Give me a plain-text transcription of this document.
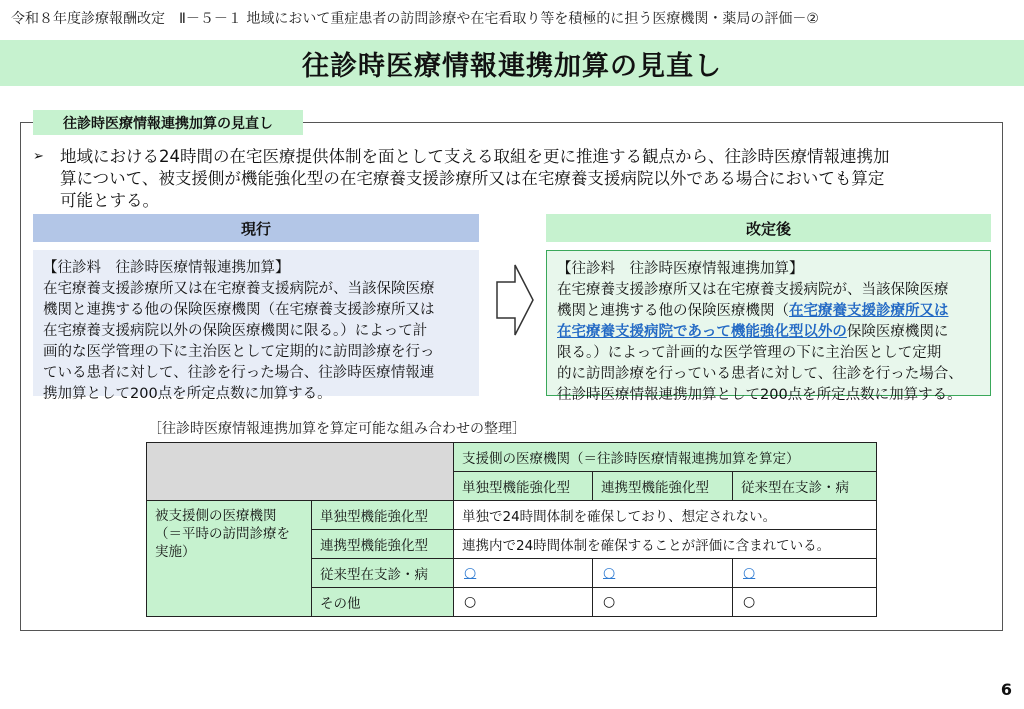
令和８年度診療報酬改定　Ⅱ－５－１ 地域において重症患者の訪問診療や在宅看取り等を積極的に担う医療機関・薬局の評価－②
往診時医療情報連携加算の見直し
往診時医療情報連携加算の見直し
➢ 地域における24時間の在宅医療提供体制を面として支える取組を更に推進する観点から、往診時医療情報連携加
算について、被支援側が機能強化型の在宅療養支援診療所又は在宅療養支援病院以外である場合においても算定
可能とする。
現行	改定後
【往診料　往診時医療情報連携加算】
在宅療養支援診療所又は在宅療養支援病院が、当該保険医療
機関と連携する他の保険医療機関（在宅療養支援診療所又は
在宅療養支援病院以外の保険医療機関に限る。）によって計
画的な医学管理の下に主治医として定期的に訪問診療を行っ
ている患者に対して、往診を行った場合、往診時医療情報連
携加算として200点を所定点数に加算する。
【往診料　往診時医療情報連携加算】
在宅療養支援診療所又は在宅療養支援病院が、当該保険医療
機関と連携する他の保険医療機関（在宅療養支援診療所又は
在宅療養支援病院であって機能強化型以外の保険医療機関に
限る。）によって計画的な医学管理の下に主治医として定期
的に訪問診療を行っている患者に対して、往診を行った場合、
往診時医療情報連携加算として200点を所定点数に加算する。
［往診時医療情報連携加算を算定可能な組み合わせの整理］
		支援側の医療機関（＝往診時医療情報連携加算を算定）		
		単独型機能強化型	連携型機能強化型	従来型在支診・病
被支援側の医療機関（＝平時の訪問診療を実施）	単独型機能強化型	単独で24時間体制を確保しており、想定されない。		
	連携型機能強化型	連携内で24時間体制を確保することが評価に含まれている。		
	従来型在支診・病	○	○	○
	その他	○	○	○
6
